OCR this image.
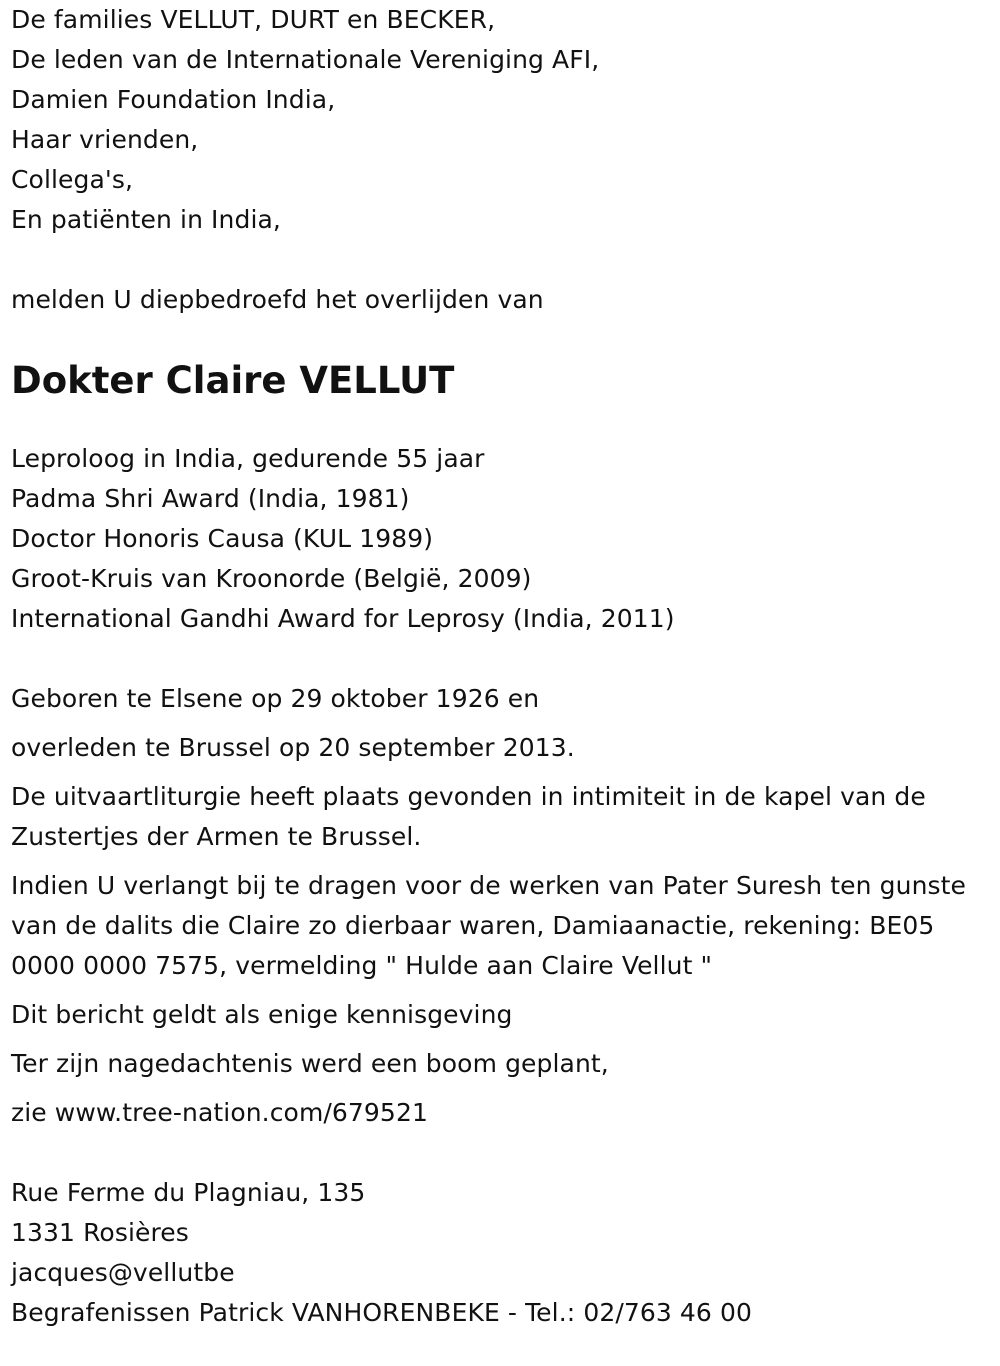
De families VELLUT, DURT en BECKER,
De leden van de Internationale Vereniging AFI,
Damien Foundation India,
Haar vrienden,
Collega's,
En patiënten in India,
melden U diepbedroefd het overlijden van
Dokter Claire VELLUT
Leproloog in India, gedurende 55 jaar
Padma Shri Award (India, 1981)
Doctor Honoris Causa (KUL 1989)
Groot-Kruis van Kroonorde (België, 2009)
International Gandhi Award for Leprosy (India, 2011)
Geboren te Elsene op 29 oktober 1926 en
overleden te Brussel op 20 september 2013.
De uitvaartliturgie heeft plaats gevonden in intimiteit in de kapel van de Zustertjes der Armen te Brussel.
Indien U verlangt bij te dragen voor de werken van Pater Suresh ten gunste van de dalits die Claire zo dierbaar waren, Damiaanactie, rekening: BE05 0000 0000 7575, vermelding " Hulde aan Claire Vellut "
Dit bericht geldt als enige kennisgeving
Ter zijn nagedachtenis werd een boom geplant,
zie www.tree-nation.com/679521
Rue Ferme du Plagniau, 135
1331 Rosières
jacques@vellutbe
Begrafenissen Patrick VANHORENBEKE - Tel.: 02/763 46 00
